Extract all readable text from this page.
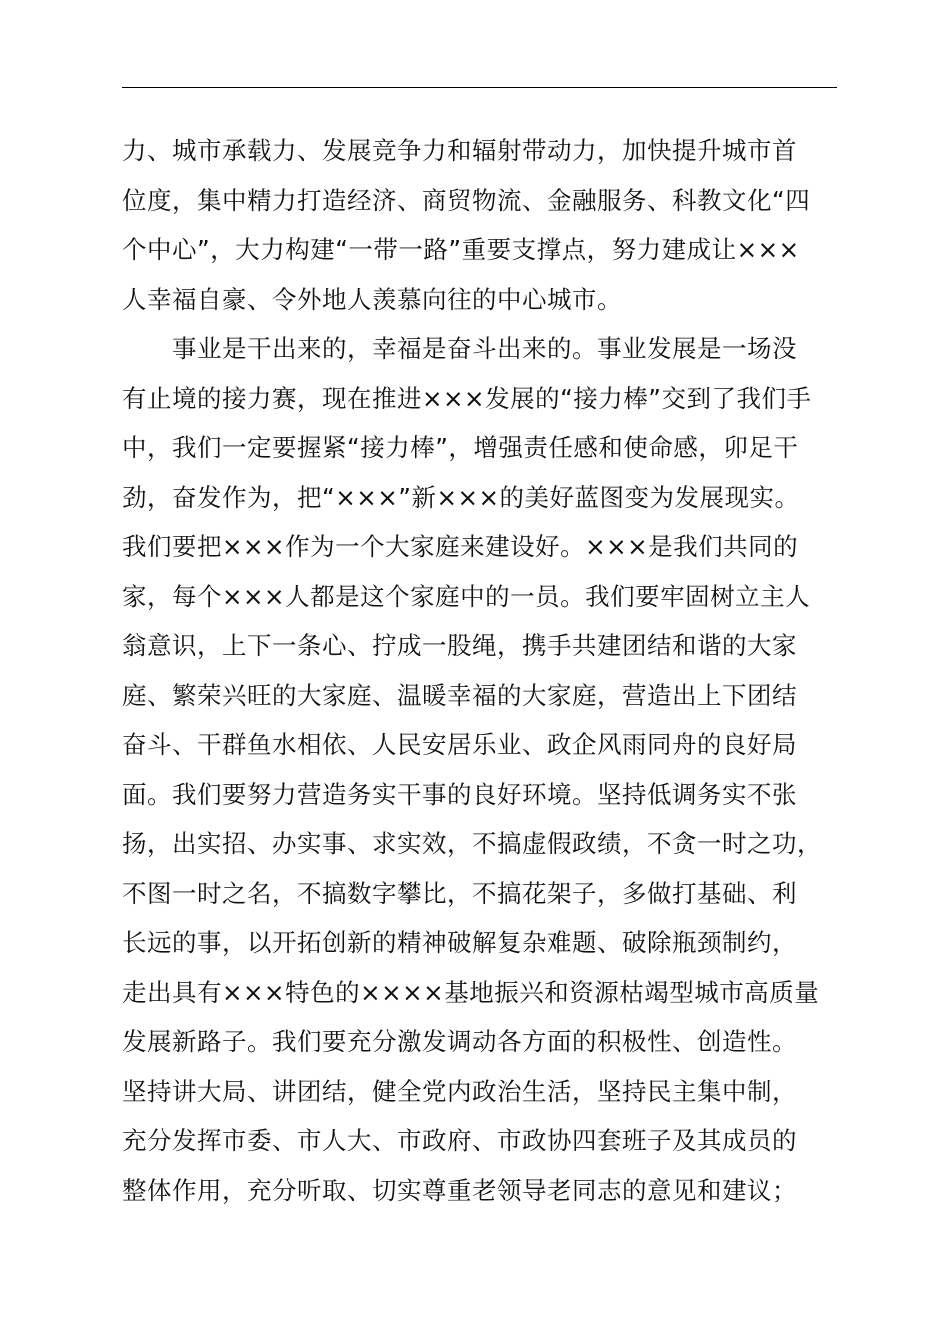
力、城市承载力、发展竞争力和辐射带动力，加快提升城市首
位度，集中精力打造经济、商贸物流、金融服务、科教文化“四
个中心”，大力构建“一带一路”重要支撑点，努力建成让×××
人幸福自豪、令外地人羡慕向往的中心城市。
事业是干出来的，幸福是奋斗出来的。事业发展是一场没
有止境的接力赛，现在推进×××发展的“接力棒”交到了我们手
中，我们一定要握紧“接力棒”，增强责任感和使命感，卯足干
劲，奋发作为，把“×××”新×××的美好蓝图变为发展现实。
我们要把×××作为一个大家庭来建设好。×××是我们共同的
家，每个×××人都是这个家庭中的一员。我们要牢固树立主人
翁意识，上下一条心、拧成一股绳，携手共建团结和谐的大家
庭、繁荣兴旺的大家庭、温暖幸福的大家庭，营造出上下团结
奋斗、干群鱼水相依、人民安居乐业、政企风雨同舟的良好局
面。我们要努力营造务实干事的良好环境。坚持低调务实不张
扬，出实招、办实事、求实效，不搞虚假政绩，不贪一时之功，
不图一时之名，不搞数字攀比，不搞花架子，多做打基础、利
长远的事，以开拓创新的精神破解复杂难题、破除瓶颈制约，
走出具有×××特色的××××基地振兴和资源枯竭型城市高质量
发展新路子。我们要充分激发调动各方面的积极性、创造性。
坚持讲大局、讲团结，健全党内政治生活，坚持民主集中制，
充分发挥市委、市人大、市政府、市政协四套班子及其成员的
整体作用，充分听取、切实尊重老领导老同志的意见和建议；
